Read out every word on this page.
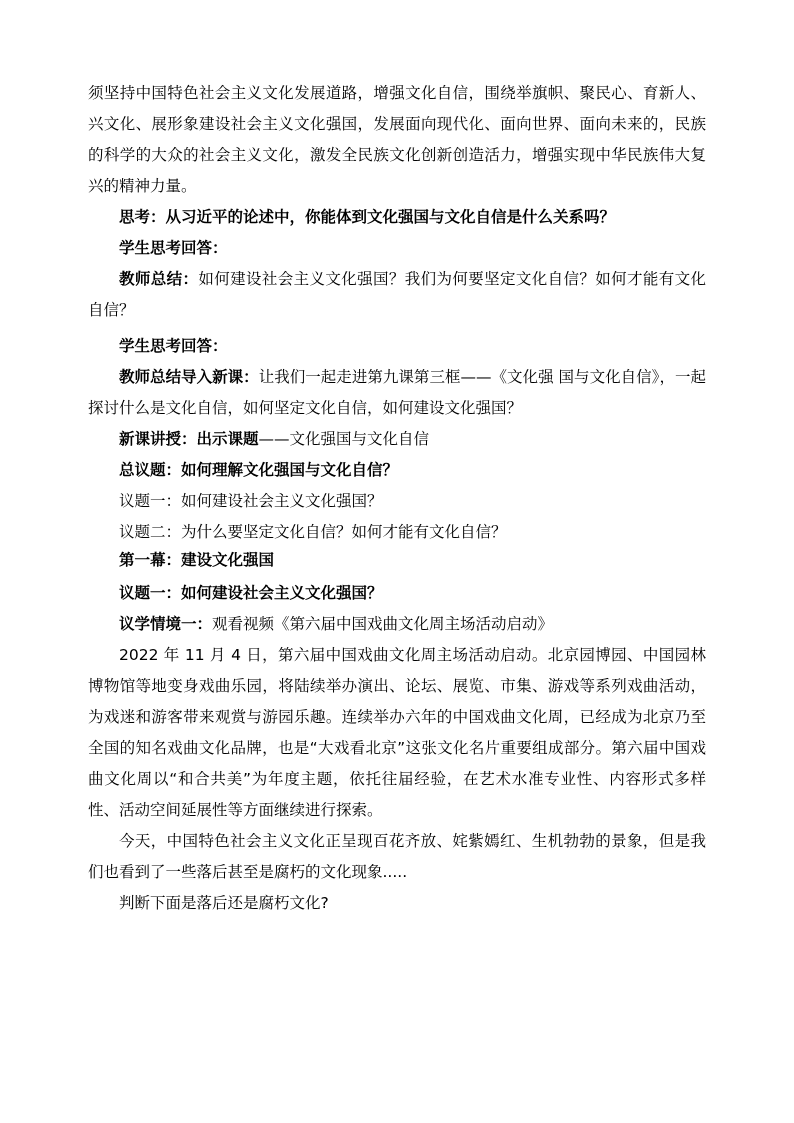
须坚持中国特色社会主义文化发展道路，增强文化自信，围绕举旗帜、聚民心、育新人、兴文化、展形象建设社会主义文化强国，发展面向现代化、面向世界、面向未来的，民族的科学的大众的社会主义文化，激发全民族文化创新创造活力，增强实现中华民族伟大复兴的精神力量。

思考：从习近平的论述中，你能体到文化强国与文化自信是什么关系吗？

学生思考回答：

教师总结：如何建设社会主义文化强国？我们为何要坚定文化自信？如何才能有文化自信？

学生思考回答：

教师总结导入新课：让我们一起走进第九课第三框——《文化强 国与文化自信》，一起探讨什么是文化自信，如何坚定文化自信，如何建设文化强国？

新课讲授：出示课题——文化强国与文化自信

总议题：如何理解文化强国与文化自信？

议题一：如何建设社会主义文化强国？

议题二：为什么要坚定文化自信？如何才能有文化自信？

第一幕：建设文化强国

议题一：如何建设社会主义文化强国？

议学情境一：观看视频《第六届中国戏曲文化周主场活动启动》

2022 年 11 月 4 日，第六届中国戏曲文化周主场活动启动。北京园博园、中国园林博物馆等地变身戏曲乐园，将陆续举办演出、论坛、展览、市集、游戏等系列戏曲活动，为戏迷和游客带来观赏与游园乐趣。连续举办六年的中国戏曲文化周，已经成为北京乃至全国的知名戏曲文化品牌，也是“大戏看北京”这张文化名片重要组成部分。第六届中国戏曲文化周以“和合共美”为年度主题，依托往届经验，在艺术水准专业性、内容形式多样性、活动空间延展性等方面继续进行探索。

今天，中国特色社会主义文化正呈现百花齐放、姹紫嫣红、生机勃勃的景象，但是我们也看到了一些落后甚至是腐朽的文化现象.....

判断下面是落后还是腐朽文化?
